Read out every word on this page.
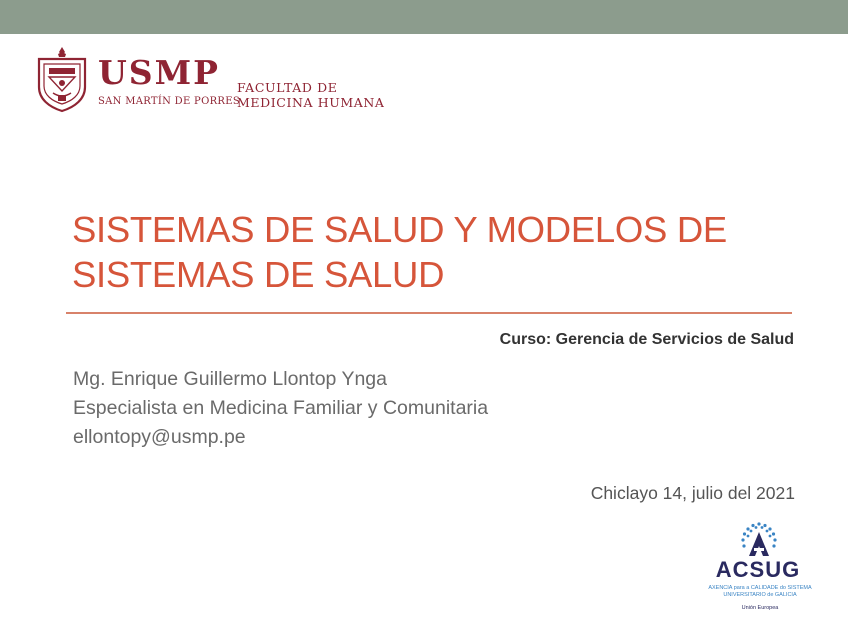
USMP
SAN MARTÍN DE PORRES
FACULTAD DE
MEDICINA HUMANA
SISTEMAS DE SALUD Y MODELOS DE SISTEMAS DE SALUD
Curso: Gerencia de Servicios de Salud
Mg. Enrique Guillermo Llontop Ynga
Especialista en Medicina Familiar y Comunitaria
ellontopy@usmp.pe
Chiclayo 14, julio del 2021
ACSUG
AXENCIA para a CALIDADE do SISTEMA
UNIVERSITARIO de GALICIA
Unión Europea
